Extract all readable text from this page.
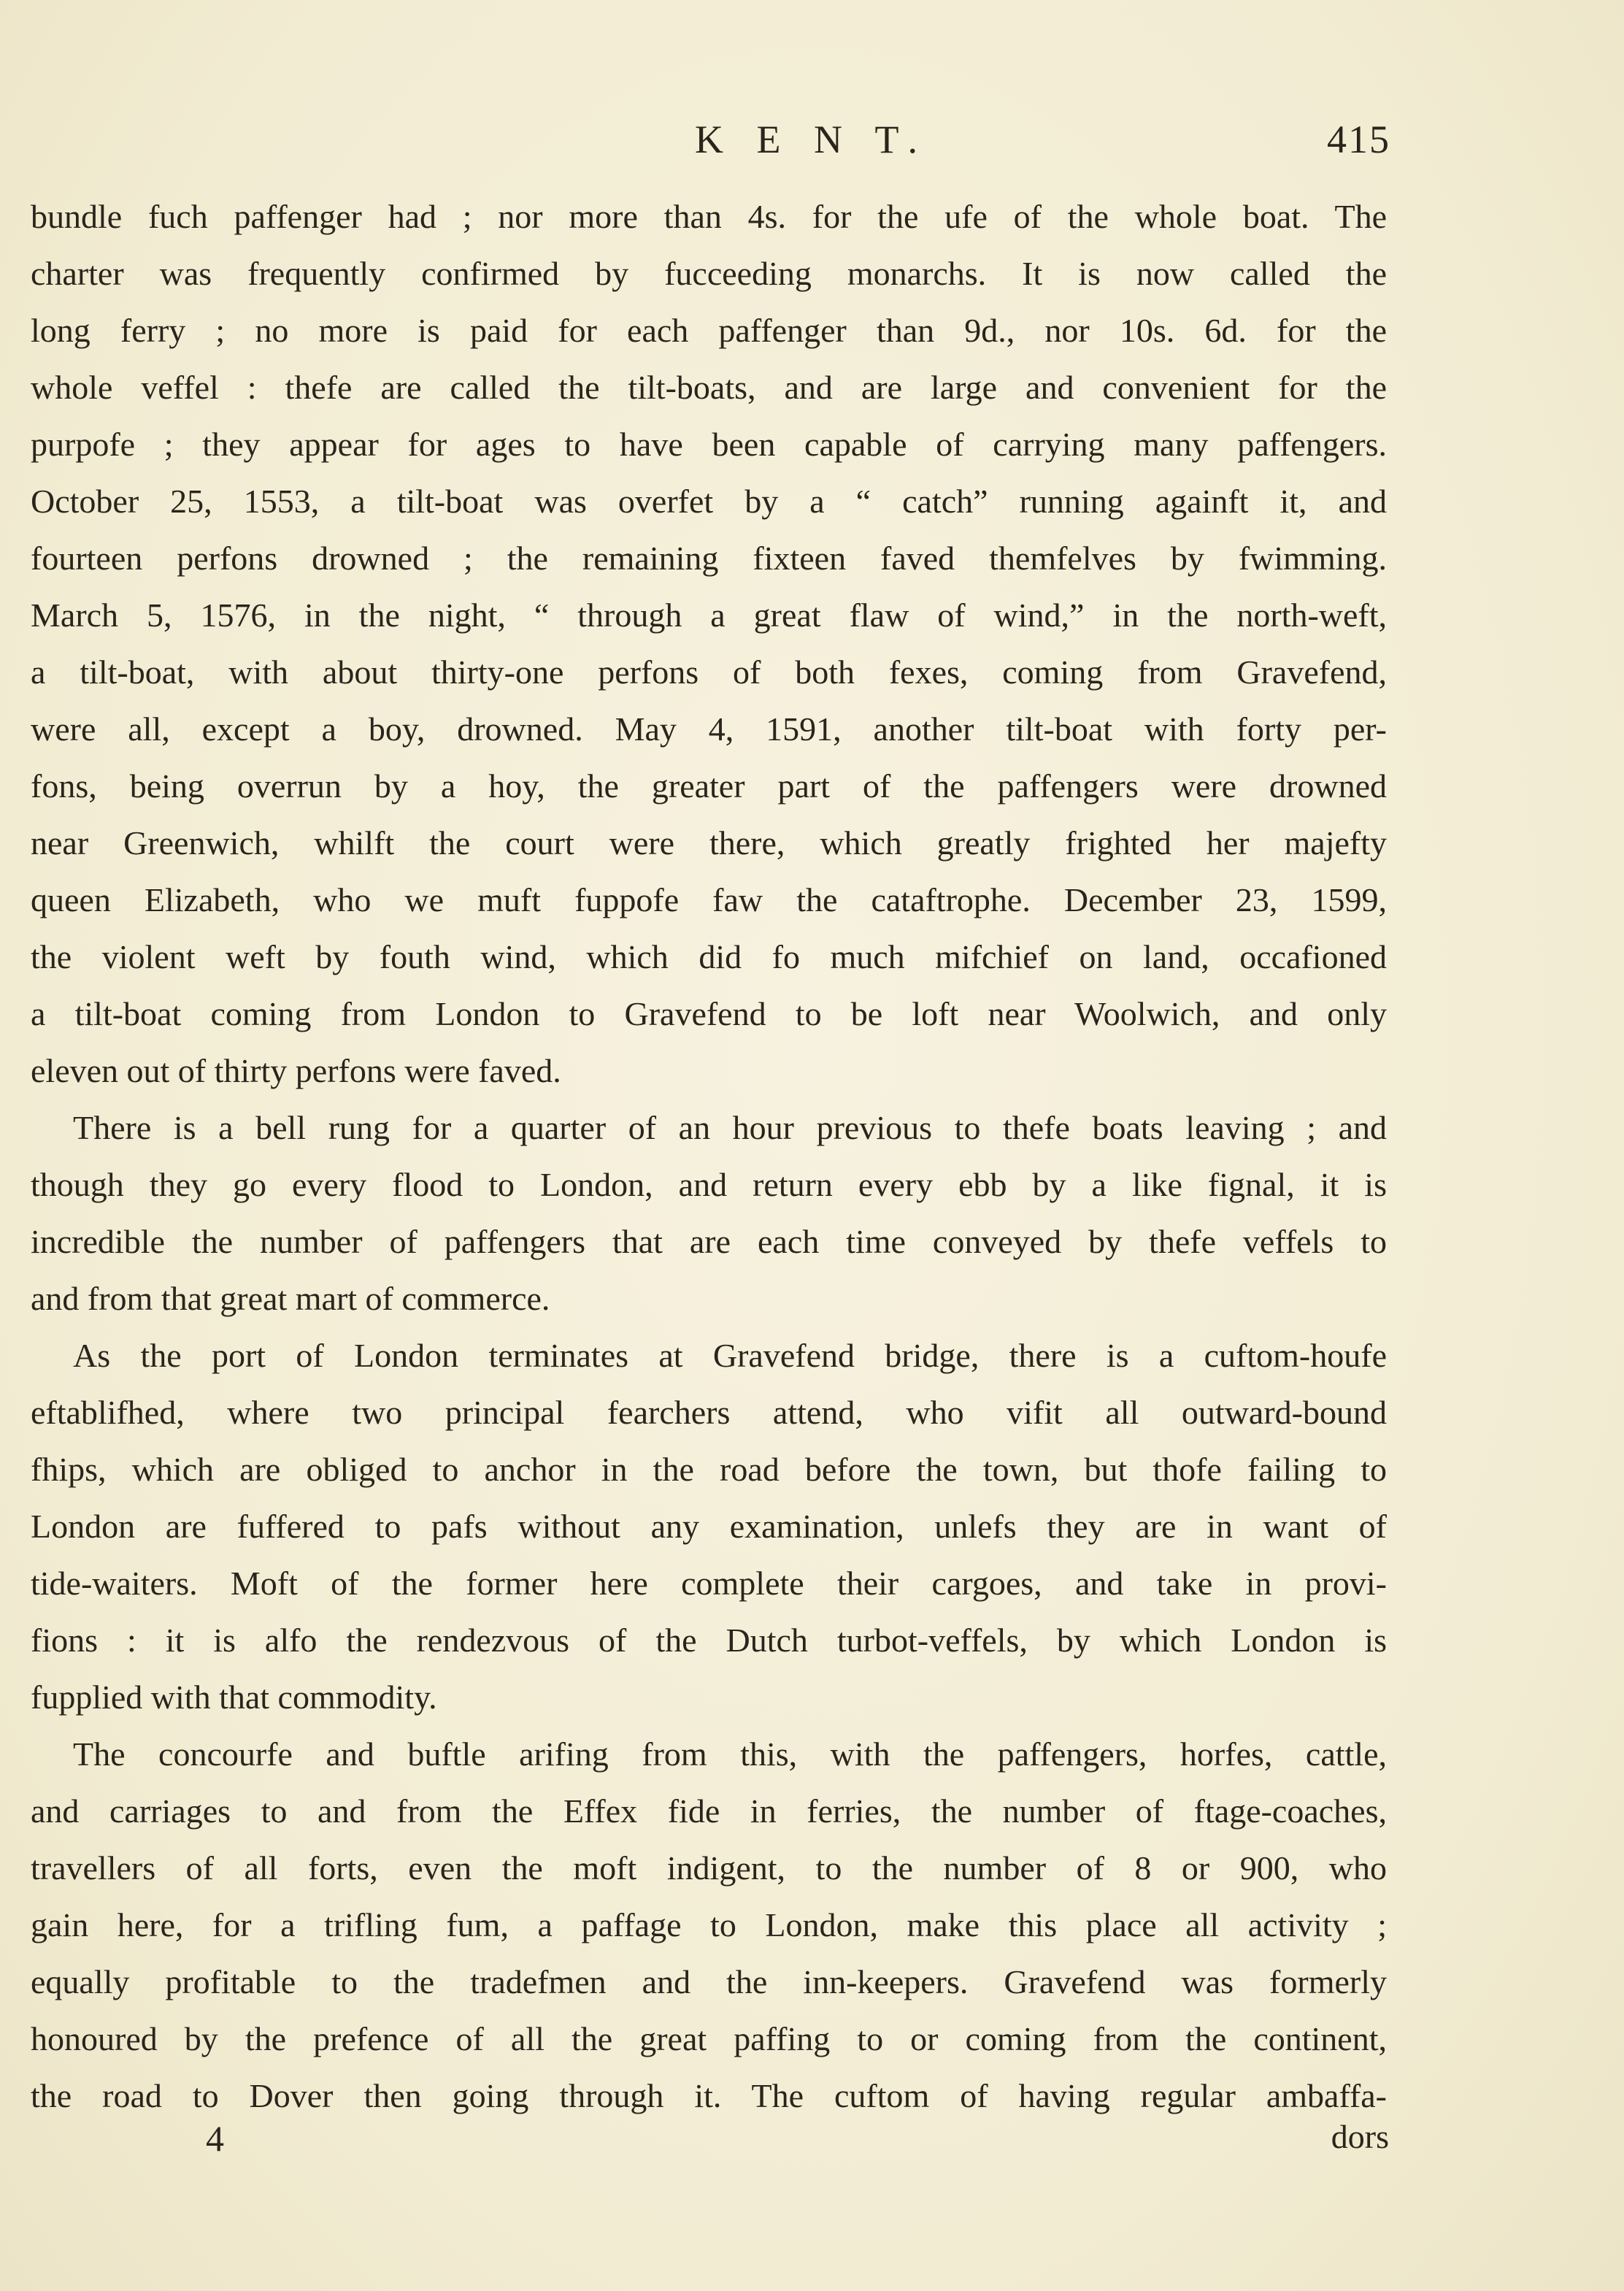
K E N T.	415
bundle fuch paffenger had ; nor more than 4s. for the ufe of the whole boat. The
charter was frequently confirmed by fucceeding monarchs. It is now called the
long ferry ; no more is paid for each paffenger than 9d., nor 10s. 6d. for the
whole veffel : thefe are called the tilt-boats, and are large and convenient for the
purpofe ; they appear for ages to have been capable of carrying many paffengers.
October 25, 1553, a tilt-boat was overfet by a “ catch” running againft it, and
fourteen perfons drowned ; the remaining fixteen faved themfelves by fwimming.
March 5, 1576, in the night, “ through a great flaw of wind,” in the north-weft,
a tilt-boat, with about thirty-one perfons of both fexes, coming from Gravefend,
were all, except a boy, drowned. May 4, 1591, another tilt-boat with forty per-
fons, being overrun by a hoy, the greater part of the paffengers were drowned
near Greenwich, whilft the court were there, which greatly frighted her majefty
queen Elizabeth, who we muft fuppofe faw the cataftrophe. December 23, 1599,
the violent weft by fouth wind, which did fo much mifchief on land, occafioned
a tilt-boat coming from London to Gravefend to be loft near Woolwich, and only
eleven out of thirty perfons were faved.
There is a bell rung for a quarter of an hour previous to thefe boats leaving ; and
though they go every flood to London, and return every ebb by a like fignal, it is
incredible the number of paffengers that are each time conveyed by thefe veffels to
and from that great mart of commerce.
As the port of London terminates at Gravefend bridge, there is a cuftom-houfe
eftablifhed, where two principal fearchers attend, who vifit all outward-bound
fhips, which are obliged to anchor in the road before the town, but thofe failing to
London are fuffered to pafs without any examination, unlefs they are in want of
tide-waiters. Moft of the former here complete their cargoes, and take in provi-
fions : it is alfo the rendezvous of the Dutch turbot-veffels, by which London is
fupplied with that commodity.
The concourfe and buftle arifing from this, with the paffengers, horfes, cattle,
and carriages to and from the Effex fide in ferries, the number of ftage-coaches,
travellers of all forts, even the moft indigent, to the number of 8 or 900, who
gain here, for a trifling fum, a paffage to London, make this place all activity ;
equally profitable to the tradefmen and the inn-keepers. Gravefend was formerly
honoured by the prefence of all the great paffing to or coming from the continent,
the road to Dover then going through it. The cuftom of having regular ambaffa-
4	dors
